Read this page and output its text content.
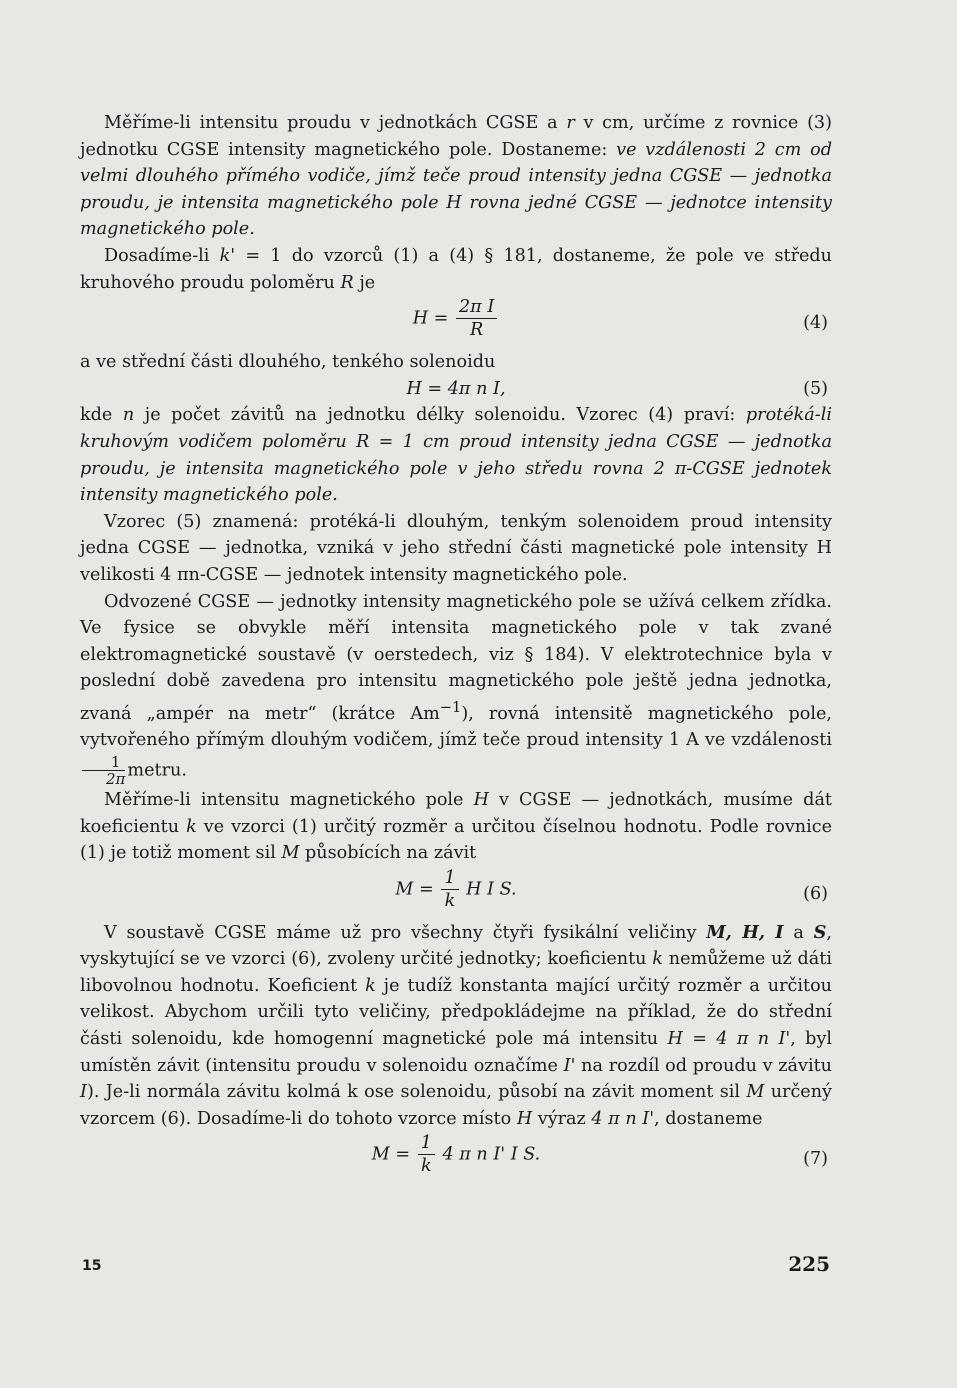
Měříme-li intensitu proudu v jednotkách CGSE a r v cm, určíme z rovnice (3) jednotku CGSE intensity magnetického pole. Dostaneme: ve vzdálenosti 2 cm od velmi dlouhého přímého vodiče, jímž teče proud intensity jedna CGSE — jednotka proudu, je intensita magnetického pole H rovna jedné CGSE — jednotce intensity magnetického pole.

Dosadíme-li k' = 1 do vzorců (1) a (4) § 181, dostaneme, že pole ve středu kruhového proudu poloměru R je

$H = \frac{\text{2π I}}{R}$	(4)

a ve střední části dlouhého, tenkého solenoidu

H = 4π n I,	(5)

kde n je počet závitů na jednotku délky solenoidu. Vzorec (4) praví: protéká-li kruhovým vodičem poloměru R = 1 cm proud intensity jedna CGSE — jednotka proudu, je intensita magnetického pole v jeho středu rovna 2 π-CGSE jednotek intensity magnetického pole.

Vzorec (5) znamená: protéká-li dlouhým, tenkým solenoidem proud intensity jedna CGSE — jednotka, vzniká v jeho střední části magnetické pole intensity H velikosti 4 πn-CGSE — jednotek intensity magnetického pole.

Odvozené CGSE — jednotky intensity magnetického pole se užívá celkem zřídka. Ve fysice se obvykle měří intensita magnetického pole v tak zvané elektromagnetické soustavě (v oerstedech, viz § 184). V elektrotechnice byla v poslední době zavedena pro intensitu magnetického pole ještě jedna jednotka, zvaná „ampér na metr“ (krátce $Am^{-1}$), rovná intensitě magnetického pole, vytvořeného přímým dlouhým vodičem, jímž teče proud intensity 1 A ve vzdálenosti
$\frac{1}{2\pi}$ metru.

Měříme-li intensitu magnetického pole H v CGSE — jednotkách, musíme dát koeficientu k ve vzorci (1) určitý rozměr a určitou číselnou hodnotu. Podle rovnice (1) je totiž moment sil M působících na závit

$M = \frac{1}{k}$ H I S.	(6)

V soustavě CGSE máme už pro všechny čtyři fysikální veličiny M, H, I a S, vyskytující se ve vzorci (6), zvoleny určité jednotky; koeficientu k nemůžeme už dáti libovolnou hodnotu. Koeficient k je tudíž konstanta mající určitý rozměr a určitou velikost. Abychom určili tyto veličiny, předpokládejme na příklad, že do střední části solenoidu, kde homogenní magnetické pole má intensitu H = 4 π n I', byl umístěn závit (intensitu proudu v solenoidu označíme I' na rozdíl od proudu v závitu I). Je-li normála závitu kolmá k ose solenoidu, působí na závit moment sil M určený vzorcem (6). Dosadíme-li do tohoto vzorce místo H výraz 4 π n I', dostaneme

$M = \frac{1}{k} 4$ π n I' I S.	(7)
15	225
